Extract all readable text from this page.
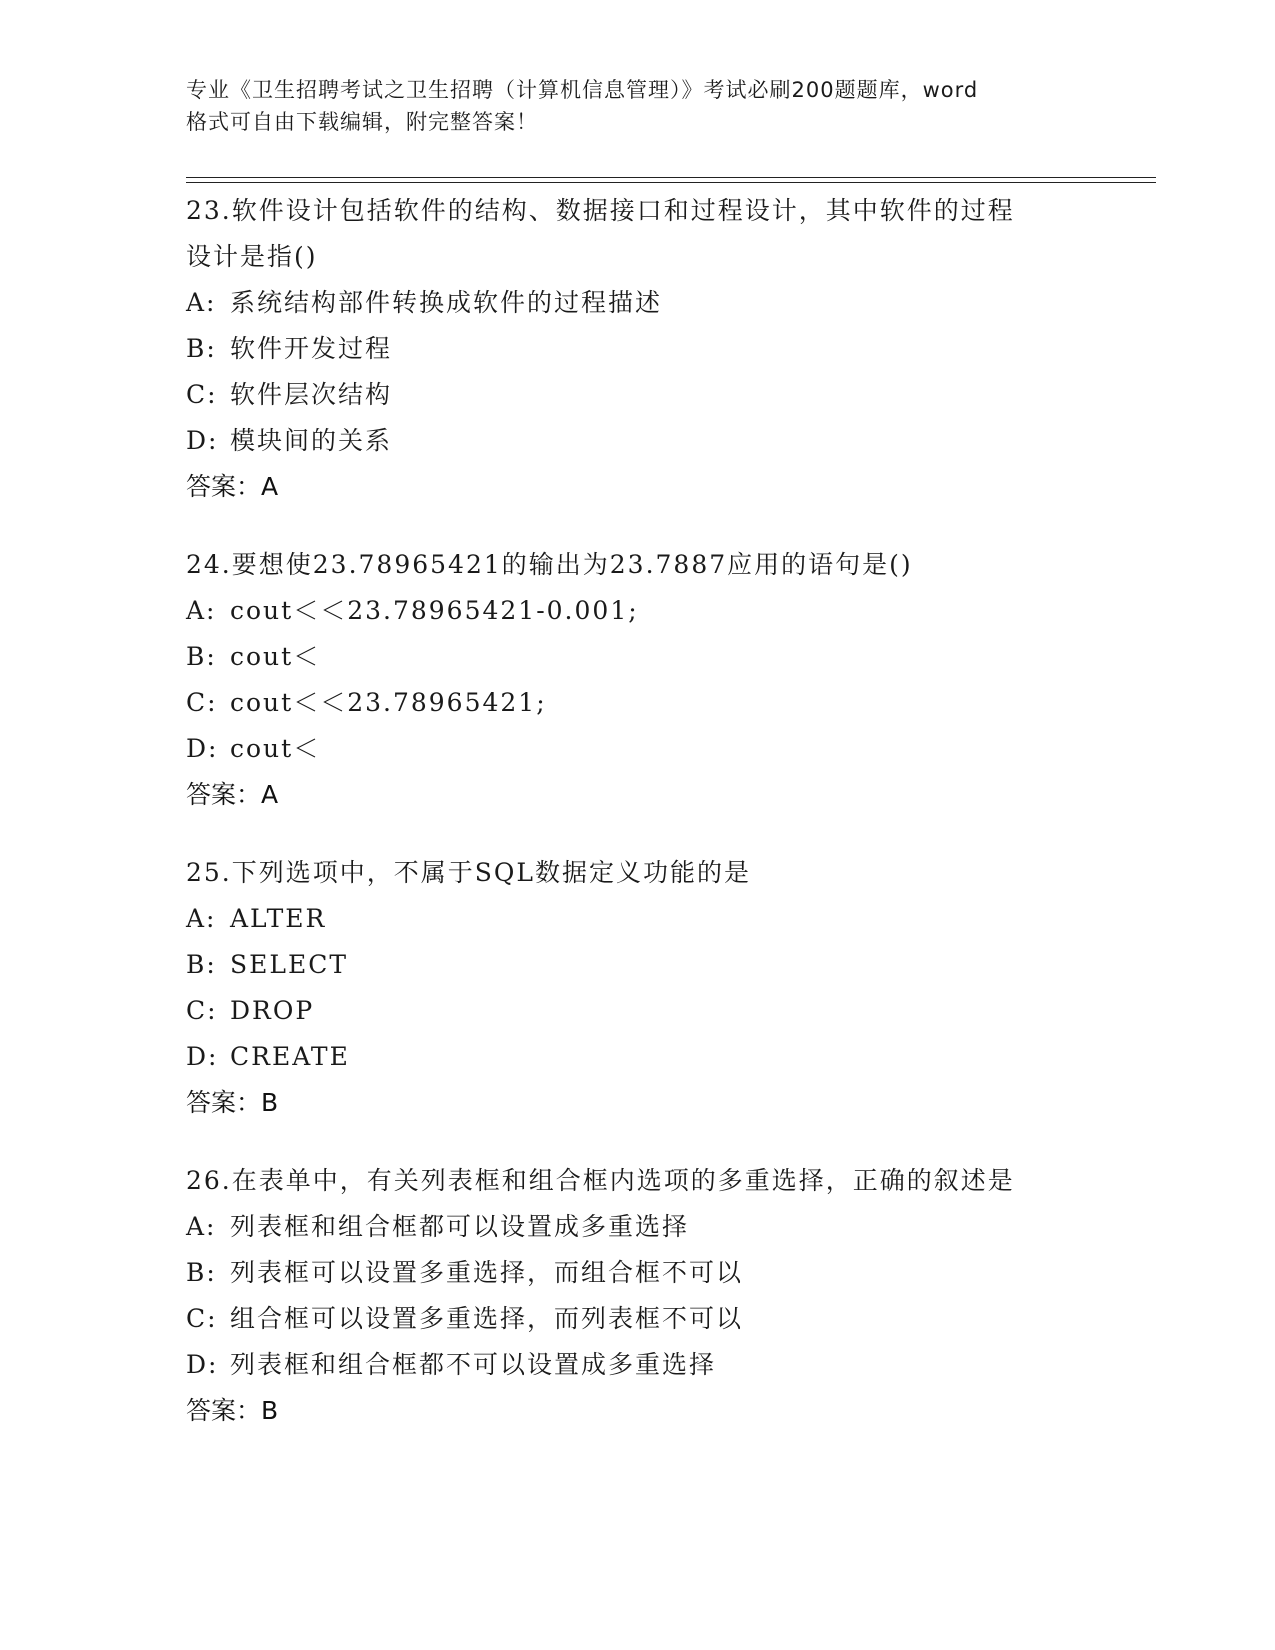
专业《卫生招聘考试之卫生招聘（计算机信息管理）》考试必刷200题题库，word
格式可自由下载编辑，附完整答案！
23.软件设计包括软件的结构、数据接口和过程设计，其中软件的过程
设计是指()
A: 系统结构部件转换成软件的过程描述
B: 软件开发过程
C: 软件层次结构
D: 模块间的关系
答案：A
24.要想使23.78965421的输出为23.7887应用的语句是()
A: cout＜＜23.78965421-0.001;
B: cout＜
C: cout＜＜23.78965421;
D: cout＜
答案：A
25.下列选项中，不属于SQL数据定义功能的是
A: ALTER
B: SELECT
C: DROP
D: CREATE
答案：B
26.在表单中，有关列表框和组合框内选项的多重选择，正确的叙述是
A: 列表框和组合框都可以设置成多重选择
B: 列表框可以设置多重选择，而组合框不可以
C: 组合框可以设置多重选择，而列表框不可以
D: 列表框和组合框都不可以设置成多重选择
答案：B
